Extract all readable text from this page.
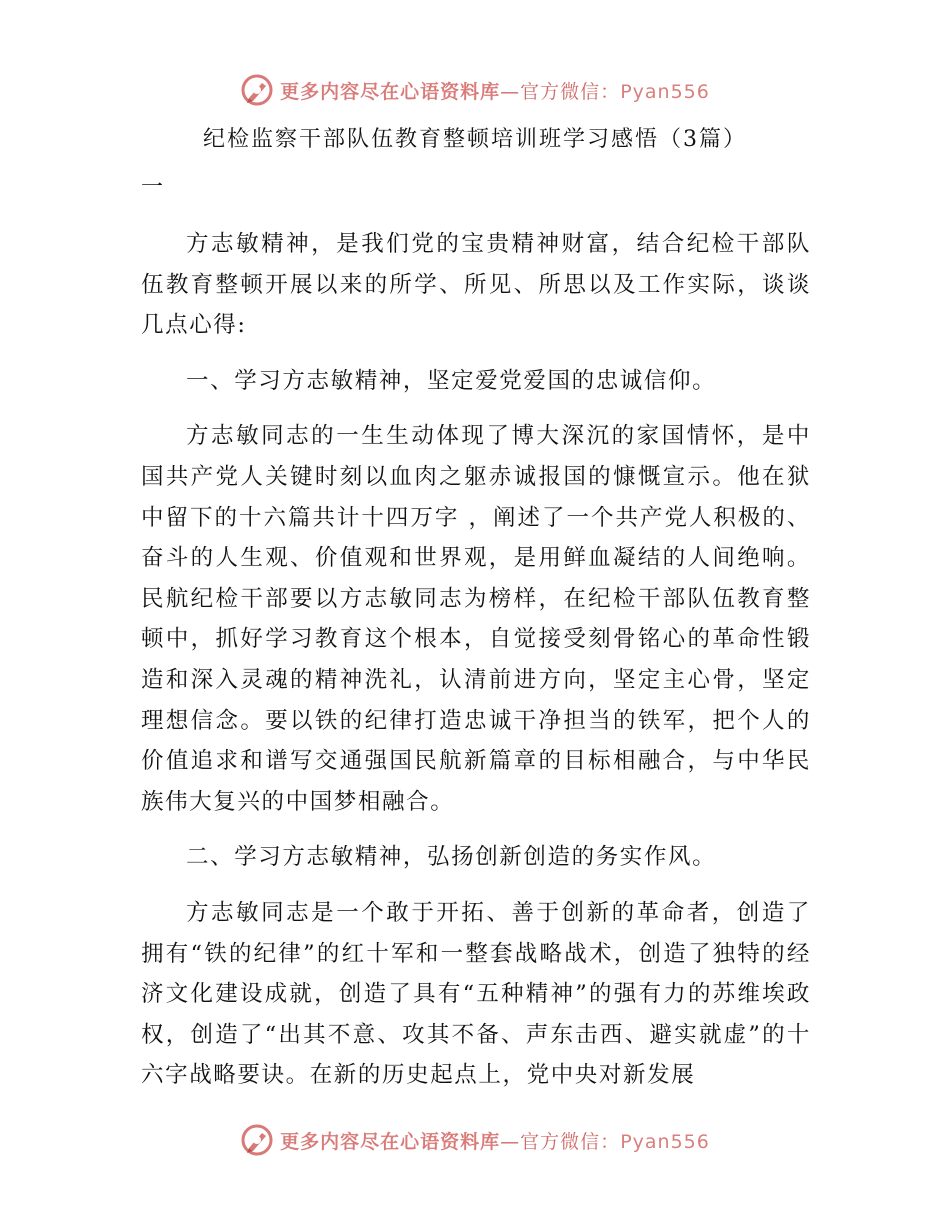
更多内容尽在心语资料库—官方微信：Pyan556
纪检监察干部队伍教育整顿培训班学习感悟（3篇）
一

方志敏精神，是我们党的宝贵精神财富，结合纪检干部队伍教育整顿开展以来的所学、所见、所思以及工作实际，谈谈几点心得:

一、学习方志敏精神，坚定爱党爱国的忠诚信仰。

方志敏同志的一生生动体现了博大深沉的家国情怀，是中国共产党人关键时刻以血肉之躯赤诚报国的慷慨宣示。他在狱中留下的十六篇共计十四万字 ，阐述了一个共产党人积极的、奋斗的人生观、价值观和世界观，是用鲜血凝结的人间绝响。民航纪检干部要以方志敏同志为榜样，在纪检干部队伍教育整顿中，抓好学习教育这个根本，自觉接受刻骨铭心的革命性锻造和深入灵魂的精神洗礼，认清前进方向，坚定主心骨，坚定理想信念。要以铁的纪律打造忠诚干净担当的铁军，把个人的价值追求和谱写交通强国民航新篇章的目标相融合，与中华民族伟大复兴的中国梦相融合。

二、学习方志敏精神，弘扬创新创造的务实作风。

方志敏同志是一个敢于开拓、善于创新的革命者，创造了拥有“铁的纪律”的红十军和一整套战略战术，创造了独特的经济文化建设成就，创造了具有“五种精神”的强有力的苏维埃政权，创造了“出其不意、攻其不备、声东击西、避实就虚”的十六字战略要诀。在新的历史起点上，党中央对新发展

更多内容尽在心语资料库—官方微信：Pyan556
